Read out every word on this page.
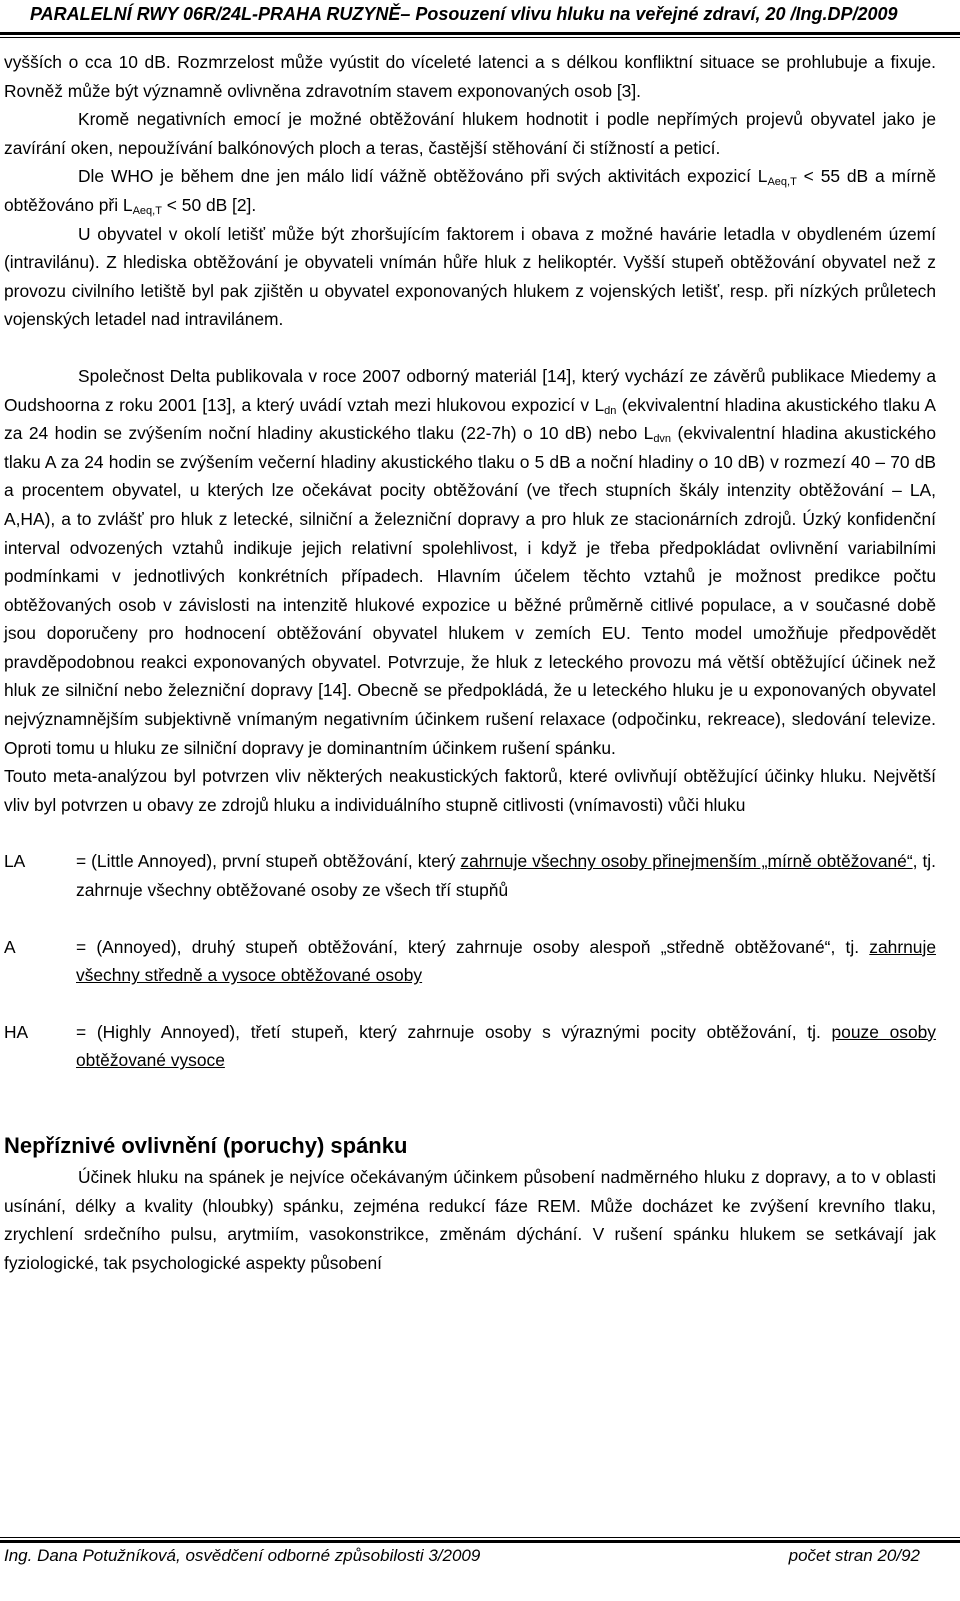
PARALELNÍ RWY 06R/24L-PRAHA RUZYNĚ– Posouzení vlivu hluku na veřejné zdraví, 20 /Ing.DP/2009

vyšších o cca 10 dB. Rozmrzelost může vyústit do víceleté latenci a s délkou konfliktní situace se prohlubuje a fixuje. Rovněž může být významně ovlivněna zdravotním stavem exponovaných osob [3].

Kromě negativních emocí je možné obtěžování hlukem hodnotit i podle nepřímých projevů obyvatel jako je zavírání oken, nepoužívání balkónových ploch a teras, častější stěhování či stížností a peticí.

Dle WHO je během dne jen málo lidí vážně obtěžováno při svých aktivitách expozicí $L_{Aeq,T} < 55$ dB a mírně obtěžováno při $L_{Aeq,T} < 50$ dB [2].

U obyvatel v okolí letišť může být zhoršujícím faktorem i obava z možné havárie letadla v obydleném území (intravilánu). Z hlediska obtěžování je obyvateli vnímán hůře hluk z helikoptér. Vyšší stupeň obtěžování obyvatel než z provozu civilního letiště byl pak zjištěn u obyvatel exponovaných hlukem z vojenských letišť, resp. při nízkých průletech vojenských letadel nad intravilánem.

Společnost Delta publikovala v roce 2007 odborný materiál [14], který vychází ze závěrů publikace Miedemy a Oudshoorna z roku 2001 [13], a který uvádí vztah mezi hlukovou expozicí v $L_{dn}$ (ekvivalentní hladina akustického tlaku A za 24 hodin se zvýšením noční hladiny akustického tlaku (22-7h) o 10 dB) nebo $L_{dvn}$ (ekvivalentní hladina akustického tlaku A za 24 hodin se zvýšením večerní hladiny akustického tlaku o 5 dB a noční hladiny o 10 dB) v rozmezí 40 – 70 dB a procentem obyvatel, u kterých lze očekávat pocity obtěžování (ve třech stupních škály intenzity obtěžování – LA, A,HA), a to zvlášť pro hluk z letecké, silniční a železniční dopravy a pro hluk ze stacionárních zdrojů. Úzký konfidenční interval odvozených vztahů indikuje jejich relativní spolehlivost, i když je třeba předpokládat ovlivnění variabilními podmínkami v jednotlivých konkrétních případech. Hlavním účelem těchto vztahů je možnost predikce počtu obtěžovaných osob v závislosti na intenzitě hlukové expozice u běžné průměrně citlivé populace, a v současné době jsou doporučeny pro hodnocení obtěžování obyvatel hlukem v zemích EU. Tento model umožňuje předpovědět pravděpodobnou reakci exponovaných obyvatel. Potvrzuje, že hluk z leteckého provozu má větší obtěžující účinek než hluk ze silniční nebo železniční dopravy [14]. Obecně se předpokládá, že u leteckého hluku je u exponovaných obyvatel nejvýznamnějším subjektivně vnímaným negativním účinkem rušení relaxace (odpočinku, rekreace), sledování televize. Oproti tomu u hluku ze silniční dopravy je dominantním účinkem rušení spánku.

Touto meta-analýzou byl potvrzen vliv některých neakustických faktorů, které ovlivňují obtěžující účinky hluku. Největší vliv byl potvrzen u obavy ze zdrojů hluku a individuálního stupně citlivosti (vnímavosti) vůči hluku

LA	= (Little Annoyed), první stupeň obtěžování, který zahrnuje všechny osoby přinejmenším „mírně obtěžované“, tj. zahrnuje všechny obtěžované osoby ze všech tří stupňů
A	= (Annoyed), druhý stupeň obtěžování, který zahrnuje osoby alespoň „středně obtěžované“, tj. zahrnuje všechny středně a vysoce obtěžované osoby
HA	= (Highly Annoyed), třetí stupeň, který zahrnuje osoby s výraznými pocity obtěžování, tj. pouze osoby obtěžované vysoce
Nepříznivé ovlivnění (poruchy) spánku

Účinek hluku na spánek je nejvíce očekávaným účinkem působení nadměrného hluku z dopravy, a to v oblasti usínání, délky a kvality (hloubky) spánku, zejména redukcí fáze REM. Může docházet ke zvýšení krevního tlaku, zrychlení srdečního pulsu, arytmiím, vasokonstrikce, změnám dýchání. V rušení spánku hlukem se setkávají jak fyziologické, tak psychologické aspekty působení

Ing. Dana Potužníková, osvědčení odborné způsobilosti 3/2009	počet stran 20/92
